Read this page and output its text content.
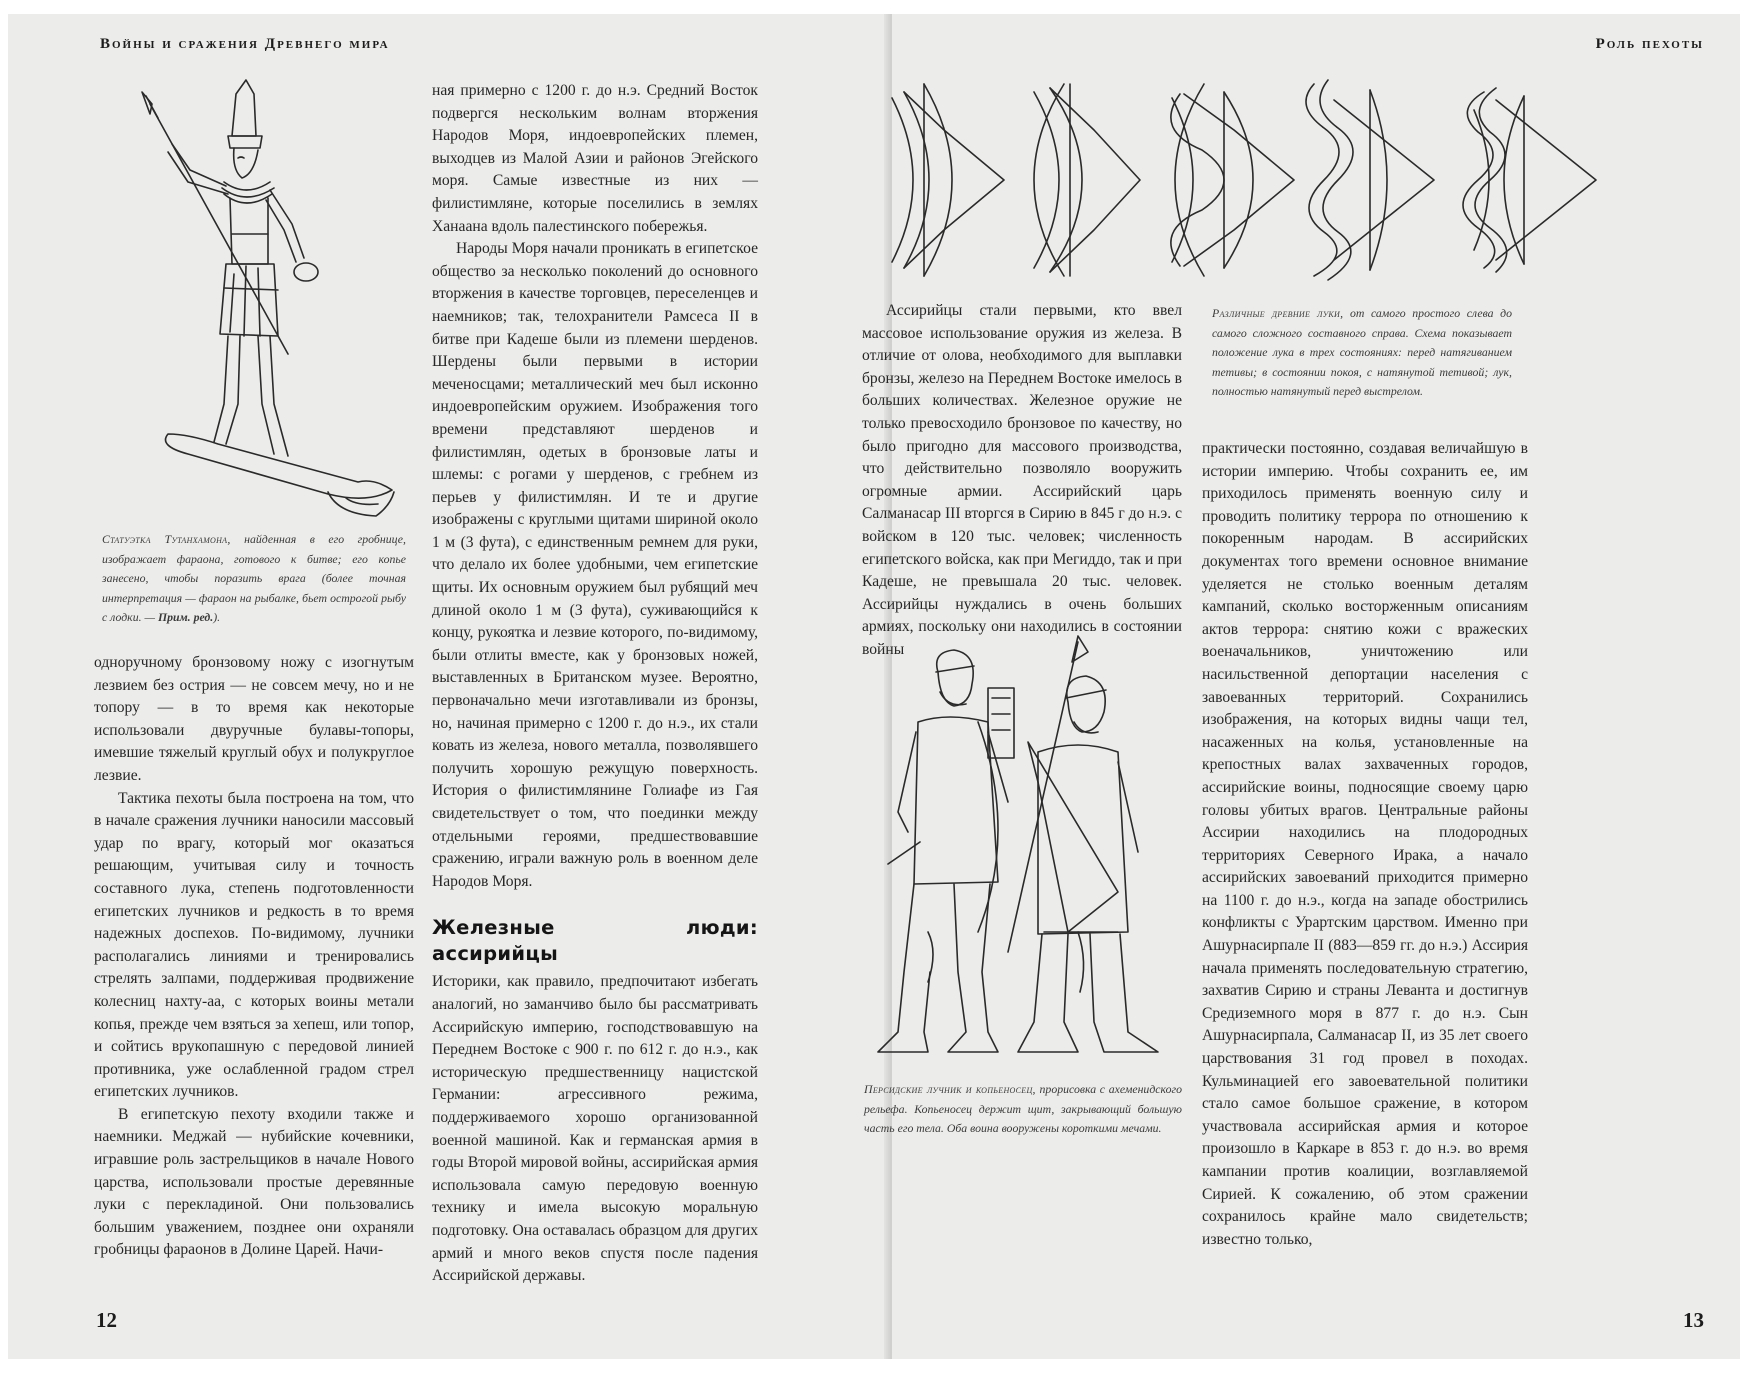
Войны и сражения Древнего мира
Статуэтка Тутанхамона, найденная в его гробнице, изображает фараона, готового к битве; его копье занесено, чтобы поразить врага (более точная интерпретация — фараон на рыбалке, бьет острогой рыбу с лодки. — Прим. ред.).

одноручному бронзовому ножу с изогнутым лезвием без острия — не совсем мечу, но и не топору — в то время как некоторые использовали двуручные булавы-топоры, имевшие тяжелый круглый обух и полукруглое лезвие.

Тактика пехоты была построена на том, что в начале сражения лучники наносили массовый удар по врагу, который мог оказаться решающим, учитывая силу и точность составного лука, степень подготовленности египетских лучников и редкость в то время надежных доспехов. По-видимому, лучники располагались линиями и тренировались стрелять залпами, поддерживая продвижение колесниц нахту-аа, с которых воины метали копья, прежде чем взяться за хепеш, или топор, и сойтись врукопашную с передовой линией противника, уже ослабленной градом стрел египетских лучников.

В египетскую пехоту входили также и наемники. Меджай — нубийские кочевники, игравшие роль застрельщиков в начале Нового царства, использовали простые деревянные луки с перекладиной. Они пользовались большим уважением, позднее они охраняли гробницы фараонов в Долине Царей. Начи-

ная примерно с 1200 г. до н.э. Средний Восток подвергся нескольким волнам вторжения Народов Моря, индоевропейских племен, выходцев из Малой Азии и районов Эгейского моря. Самые известные из них — филистимляне, которые поселились в землях Ханаана вдоль палестинского побережья.

Народы Моря начали проникать в египетское общество за несколько поколений до основного вторжения в качестве торговцев, переселенцев и наемников; так, телохранители Рамсеса II в битве при Кадеше были из племени шерденов. Шердены были первыми в истории меченосцами; металлический меч был исконно индоевропейским оружием. Изображения того времени представляют шерденов и филистимлян, одетых в бронзовые латы и шлемы: с рогами у шерденов, с гребнем из перьев у филистимлян. И те и другие изображены с круглыми щитами шириной около 1 м (3 фута), с единственным ремнем для руки, что делало их более удобными, чем египетские щиты. Их основным оружием был рубящий меч длиной около 1 м (3 фута), суживающийся к концу, рукоятка и лезвие которого, по-видимому, были отлиты вместе, как у бронзовых ножей, выставленных в Британском музее. Вероятно, первоначально мечи изготавливали из бронзы, но, начиная примерно с 1200 г. до н.э., их стали ковать из железа, нового металла, позволявшего получить хорошую режущую поверхность. История о филистимлянине Голиафе из Гая свидетельствует о том, что поединки между отдельными героями, предшествовавшие сражению, играли важную роль в военном деле Народов Моря.

Железные люди: ассирийцы

Историки, как правило, предпочитают избегать аналогий, но заманчиво было бы рассматривать Ассирийскую империю, господствовавшую на Переднем Востоке с 900 г. по 612 г. до н.э., как историческую предшественницу нацистской Германии: агрессивного режима, поддерживаемого хорошо организованной военной машиной. Как и германская армия в годы Второй мировой войны, ассирийская армия использовала самую передовую военную технику и имела высокую моральную подготовку. Она оставалась образцом для других армий и много веков спустя после падения Ассирийской державы.

12
Роль пехоты
Различные древние луки, от самого простого слева до самого сложного составного справа. Схема показывает положение лука в трех состояниях: перед натягиванием тетивы; в состоянии покоя, с натянутой тетивой; лук, полностью натянутый перед выстрелом.

Ассирийцы стали первыми, кто ввел массовое использование оружия из железа. В отличие от олова, необходимого для выплавки бронзы, железо на Переднем Востоке имелось в больших количествах. Железное оружие не только превосходило бронзовое по качеству, но было пригодно для массового производства, что действительно позволяло вооружить огромные армии. Ассирийский царь Салманасар III вторгся в Сирию в 845 г до н.э. с войском в 120 тыс. человек; численность египетского войска, как при Мегиддо, так и при Кадеше, не превышала 20 тыс. человек. Ассирийцы нуждались в очень больших армиях, поскольку они находились в состоянии войны

Персидские лучник и копьеносец, прорисовка с ахеменидского рельефа. Копьеносец держит щит, закрывающий большую часть его тела. Оба воина вооружены короткими мечами.

практически постоянно, создавая величайшую в истории империю. Чтобы сохранить ее, им приходилось применять военную силу и проводить политику террора по отношению к покоренным народам. В ассирийских документах того времени основное внимание уделяется не столько военным деталям кампаний, сколько восторженным описаниям актов террора: снятию кожи с вражеских военачальников, уничтожению или насильственной депортации населения с завоеванных территорий. Сохранились изображения, на которых видны чащи тел, насаженных на колья, установленные на крепостных валах захваченных городов, ассирийские воины, подносящие своему царю головы убитых врагов. Центральные районы Ассирии находились на плодородных территориях Северного Ирака, а начало ассирийских завоеваний приходится примерно на 1100 г. до н.э., когда на западе обострились конфликты с Урартским царством. Именно при Ашурнасирпале II (883—859 гг. до н.э.) Ассирия начала применять последовательную стратегию, захватив Сирию и страны Леванта и достигнув Средиземного моря в 877 г. до н.э. Сын Ашурнасирпала, Салманасар II, из 35 лет своего царствования 31 год провел в походах. Кульминацией его завоевательной политики стало самое большое сражение, в котором участвовала ассирийская армия и которое произошло в Каркаре в 853 г. до н.э. во время кампании против коалиции, возглавляемой Сирией. К сожалению, об этом сражении сохранилось крайне мало свидетельств; известно только,

13
